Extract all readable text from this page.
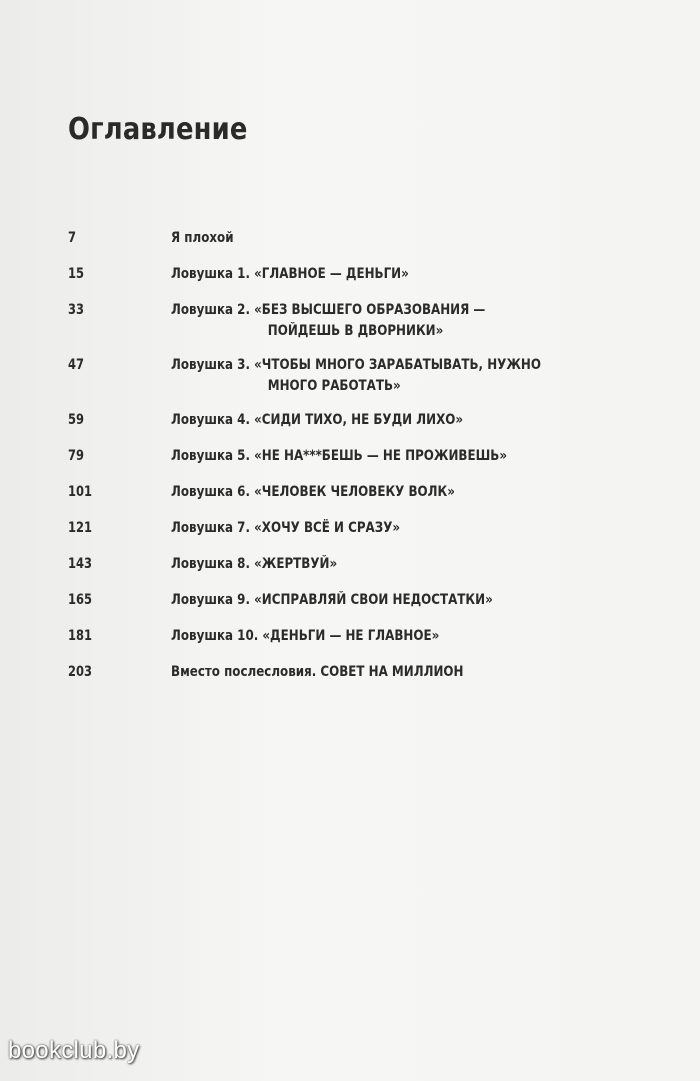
Оглавление
7	Я плохой
15	Ловушка 1. «ГЛАВНОЕ — ДЕНЬГИ»
33	Ловушка 2. «БЕЗ ВЫСШЕГО ОБРАЗОВАНИЯ —
ПОЙДЕШЬ В ДВОРНИКИ»
47	Ловушка 3. «ЧТОБЫ МНОГО ЗАРАБАТЫВАТЬ, НУЖНО
МНОГО РАБОТАТЬ»
59	Ловушка 4. «СИДИ ТИХО, НЕ БУДИ ЛИХО»
79	Ловушка 5. «НЕ НА***БЕШЬ — НЕ ПРОЖИВЕШЬ»
101	Ловушка 6. «ЧЕЛОВЕК ЧЕЛОВЕКУ ВОЛК»
121	Ловушка 7. «ХОЧУ ВСЁ И СРАЗУ»
143	Ловушка 8. «ЖЕРТВУЙ»
165	Ловушка 9. «ИСПРАВЛЯЙ СВОИ НЕДОСТАТКИ»
181	Ловушка 10. «ДЕНЬГИ — НЕ ГЛАВНОЕ»
203	Вместо послесловия. СОВЕТ НА МИЛЛИОН
bookclub.by
